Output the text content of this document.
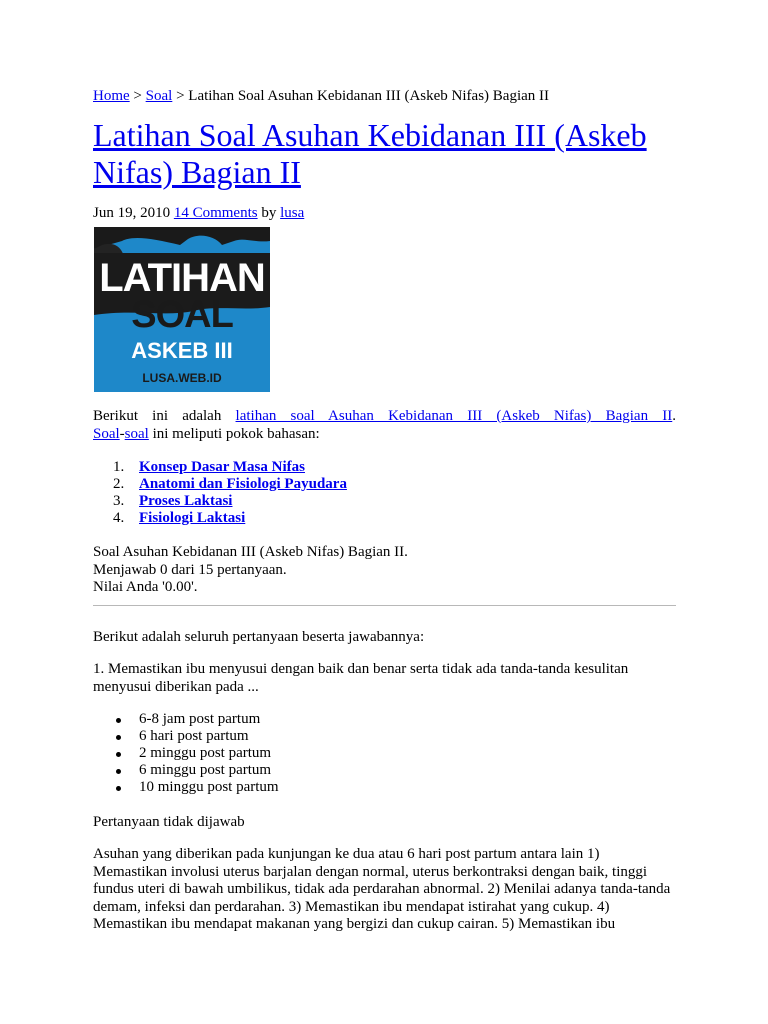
Home > Soal > Latihan Soal Asuhan Kebidanan III (Askeb Nifas) Bagian II
Latihan Soal Asuhan Kebidanan III (Askeb Nifas) Bagian II
Jun 19, 2010 14 Comments by lusa
LATIHAN
SOAL
ASKEB III
LUSA.WEB.ID
Berikut ini adalah latihan soal Asuhan Kebidanan III (Askeb Nifas) Bagian II.
Soal-soal ini meliputi pokok bahasan:
1. Konsep Dasar Masa Nifas
2. Anatomi dan Fisiologi Payudara
3. Proses Laktasi
4. Fisiologi Laktasi
Soal Asuhan Kebidanan III (Askeb Nifas) Bagian II.
Menjawab 0 dari 15 pertanyaan.
Nilai Anda '0.00'.
Berikut adalah seluruh pertanyaan beserta jawabannya:
1. Memastikan ibu menyusui dengan baik dan benar serta tidak ada tanda-tanda kesulitan menyusui diberikan pada ...
6-8 jam post partum
6 hari post partum
2 minggu post partum
6 minggu post partum
10 minggu post partum
Pertanyaan tidak dijawab
Asuhan yang diberikan pada kunjungan ke dua atau 6 hari post partum antara lain 1) Memastikan involusi uterus barjalan dengan normal, uterus berkontraksi dengan baik, tinggi fundus uteri di bawah umbilikus, tidak ada perdarahan abnormal. 2) Menilai adanya tanda-tanda demam, infeksi dan perdarahan. 3) Memastikan ibu mendapat istirahat yang cukup. 4) Memastikan ibu mendapat makanan yang bergizi dan cukup cairan. 5) Memastikan ibu
